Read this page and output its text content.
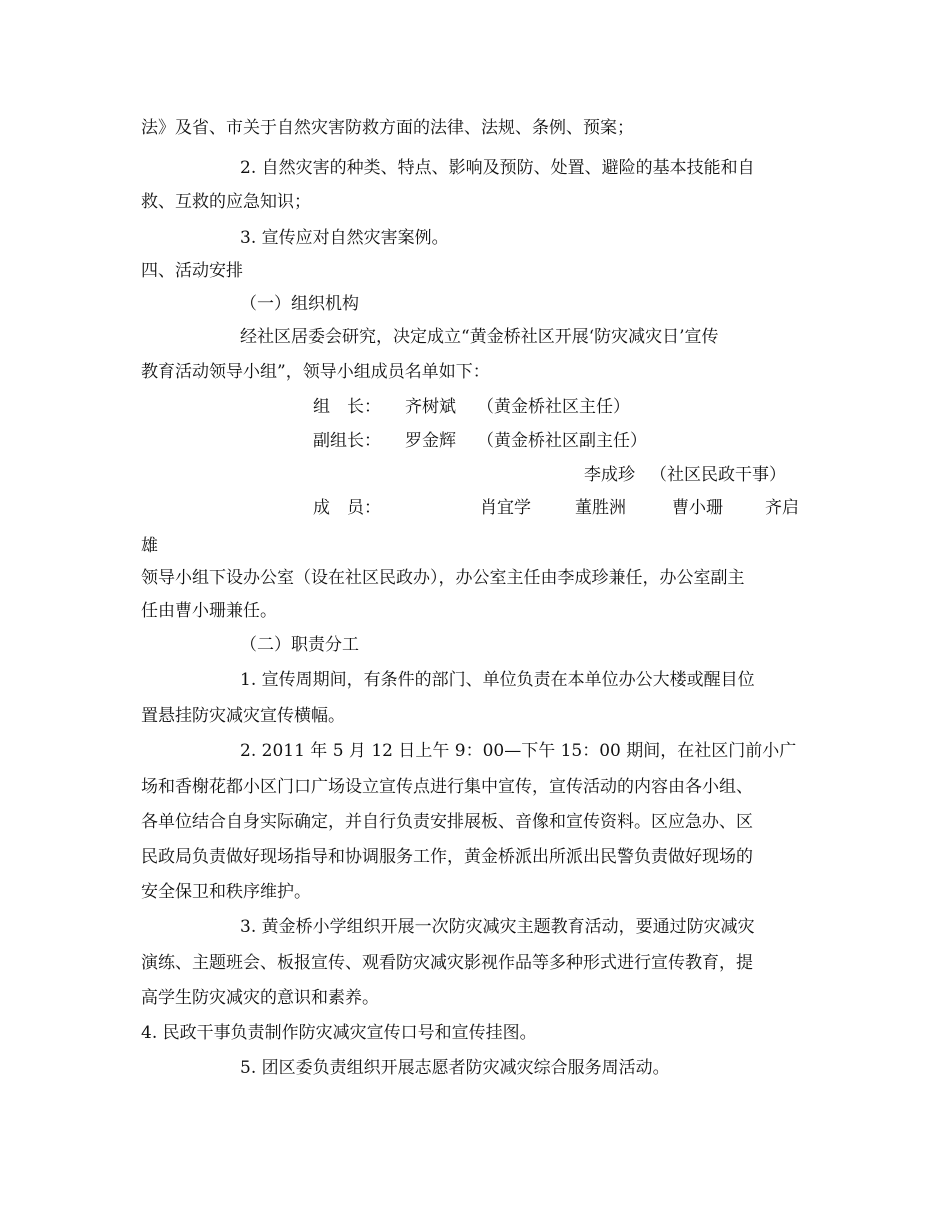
法》及省、市关于自然灾害防救方面的法律、法规、条例、预案；
2. 自然灾害的种类、特点、影响及预防、处置、避险的基本技能和自
救、互救的应急知识；
3. 宣传应对自然灾害案例。
四、活动安排
（一）组织机构
经社区居委会研究，决定成立“黄金桥社区开展‘防灾减灾日’宣传
教育活动领导小组”，领导小组成员名单如下：
组　长： 齐树斌 （黄金桥社区主任）
副组长： 罗金辉 （黄金桥社区副主任）
李成珍 （社区民政干事）
成　员：	肖宜学	董胜洲	曹小珊 齐启
雄
领导小组下设办公室（设在社区民政办），办公室主任由李成珍兼任，办公室副主
任由曹小珊兼任。
（二）职责分工
1. 宣传周期间，有条件的部门、单位负责在本单位办公大楼或醒目位
置悬挂防灾减灾宣传横幅。
2. 2011 年 5 月 12 日上午 9：00—下午 15：00 期间，在社区门前小广
场和香榭花都小区门口广场设立宣传点进行集中宣传，宣传活动的内容由各小组、
各单位结合自身实际确定，并自行负责安排展板、音像和宣传资料。区应急办、区
民政局负责做好现场指导和协调服务工作，黄金桥派出所派出民警负责做好现场的
安全保卫和秩序维护。
3. 黄金桥小学组织开展一次防灾减灾主题教育活动，要通过防灾减灾
演练、主题班会、板报宣传、观看防灾减灾影视作品等多种形式进行宣传教育，提
高学生防灾减灾的意识和素养。
4. 民政干事负责制作防灾减灾宣传口号和宣传挂图。
5. 团区委负责组织开展志愿者防灾减灾综合服务周活动。
